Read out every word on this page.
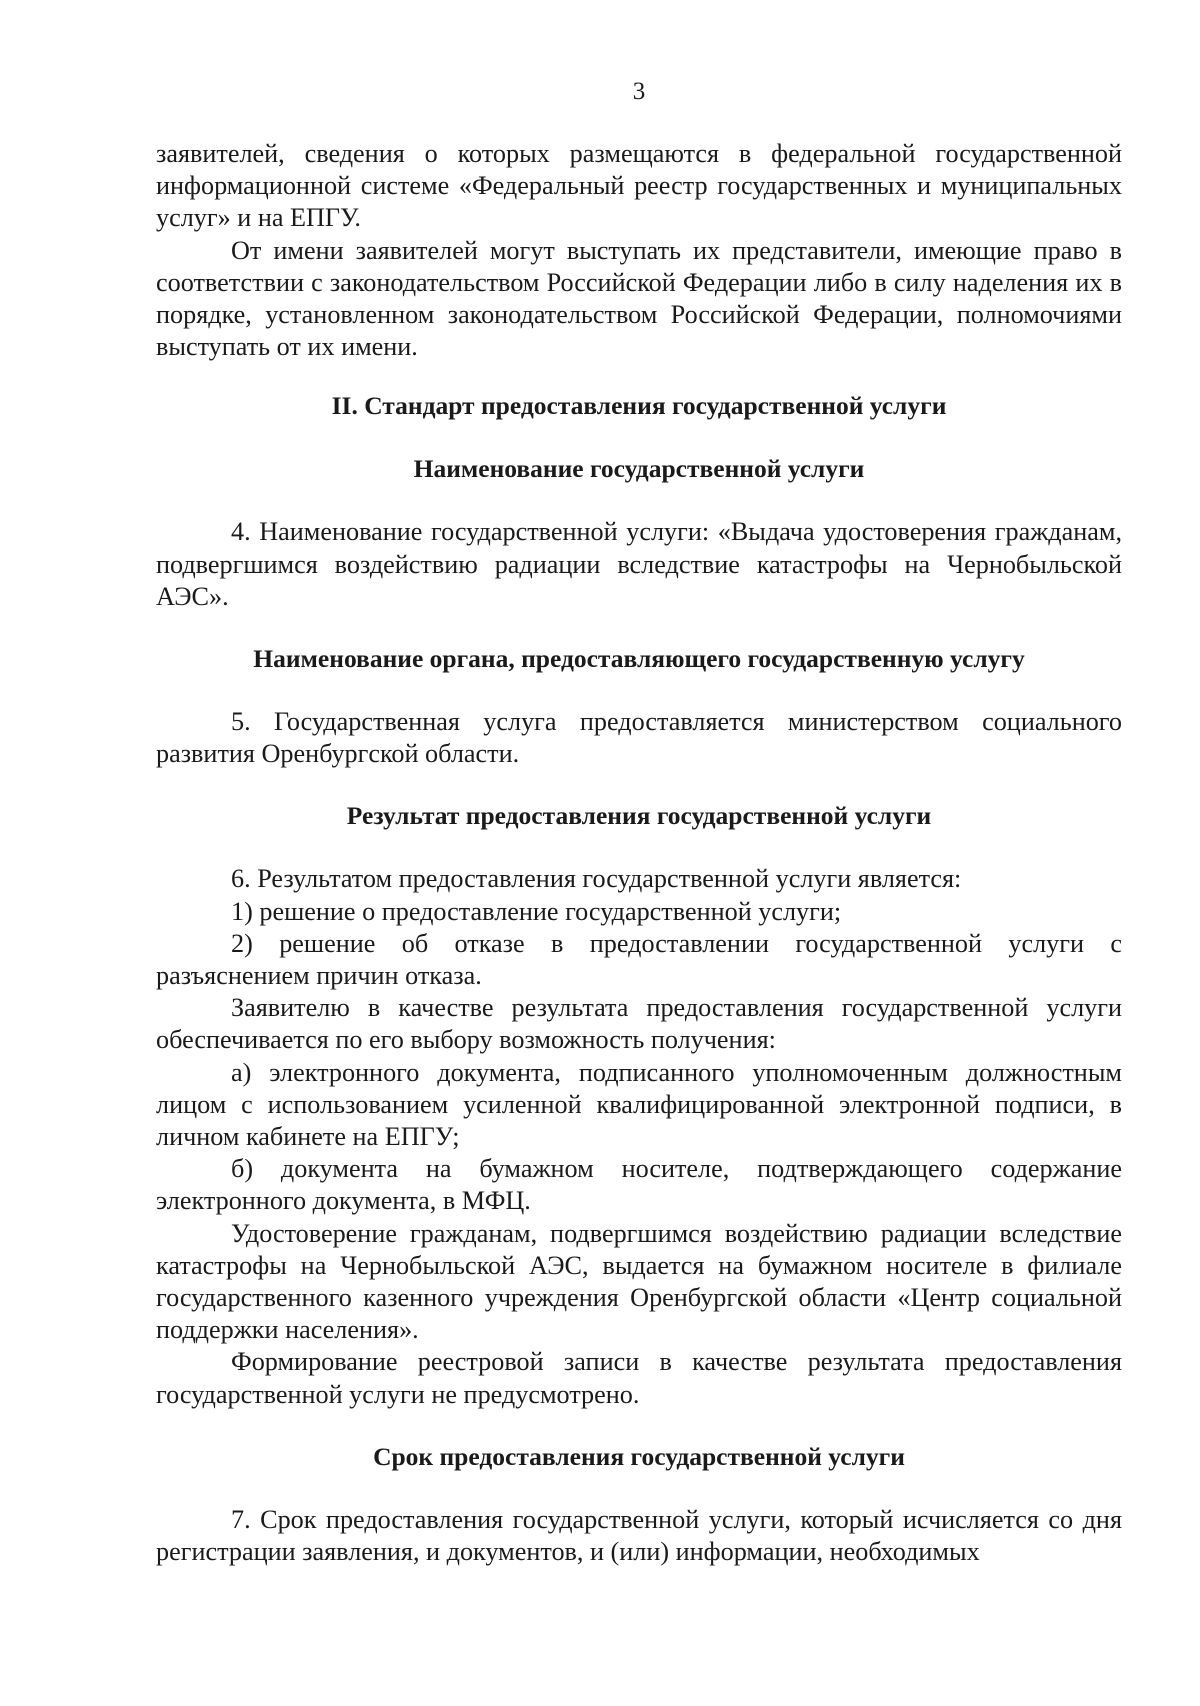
3

заявителей, сведения о которых размещаются в федеральной государственной информационной системе «Федеральный реестр государственных и муниципальных услуг» и на ЕПГУ.

От имени заявителей могут выступать их представители, имеющие право в соответствии с законодательством Российской Федерации либо в силу наделения их в порядке, установленном законодательством Российской Федерации, полномочиями выступать от их имени.

II. Стандарт предоставления государственной услуги
Наименование государственной услуги

4. Наименование государственной услуги: «Выдача удостоверения гражданам, подвергшимся воздействию радиации вследствие катастрофы на Чернобыльской АЭС».

Наименование органа, предоставляющего государственную услугу

5. Государственная услуга предоставляется министерством социального развития Оренбургской области.

Результат предоставления государственной услуги

6. Результатом предоставления государственной услуги является:

1) решение о предоставление государственной услуги;

2) решение об отказе в предоставлении государственной услуги с разъяснением причин отказа.

Заявителю в качестве результата предоставления государственной услуги обеспечивается по его выбору возможность получения:

а) электронного документа, подписанного уполномоченным должностным лицом с использованием усиленной квалифицированной электронной подписи, в личном кабинете на ЕПГУ;

б) документа на бумажном носителе, подтверждающего содержание электронного документа, в МФЦ.

Удостоверение гражданам, подвергшимся воздействию радиации вследствие катастрофы на Чернобыльской АЭС, выдается на бумажном носителе в филиале государственного казенного учреждения Оренбургской области «Центр социальной поддержки населения».

Формирование реестровой записи в качестве результата предоставления государственной услуги не предусмотрено.

Срок предоставления государственной услуги

7. Срок предоставления государственной услуги, который исчисляется со дня регистрации заявления, и документов, и (или) информации, необходимых
